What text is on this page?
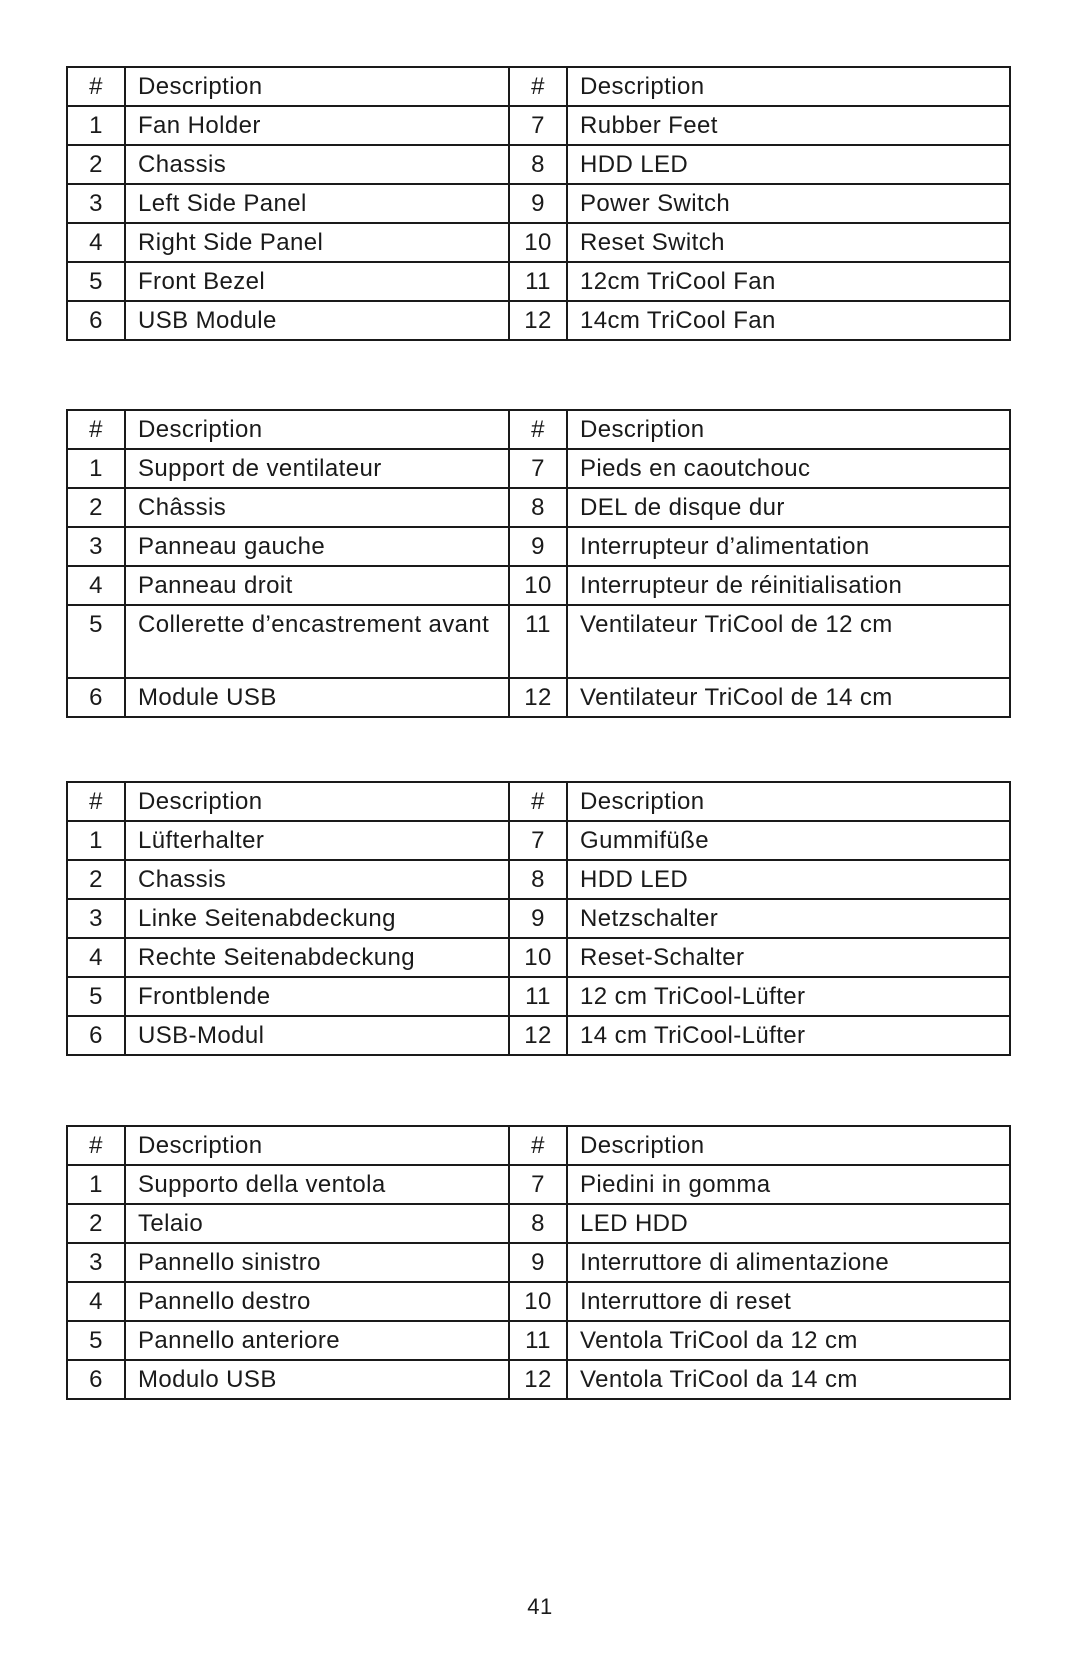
#	Description	#	Description
1	Fan Holder	7	Rubber Feet
2	Chassis	8	HDD LED
3	Left Side Panel	9	Power Switch
4	Right Side Panel	10	Reset Switch
5	Front Bezel	11	12cm TriCool Fan
6	USB Module	12	14cm TriCool Fan
#	Description	#	Description
1	Support de ventilateur	7	Pieds en caoutchouc
2	Châssis	8	DEL de disque dur
3	Panneau gauche	9	Interrupteur d’alimentation
4	Panneau droit	10	Interrupteur de réinitialisation
5	Collerette d’encastrement avant	11	Ventilateur TriCool de 12 cm
6	Module USB	12	Ventilateur TriCool de 14 cm
#	Description	#	Description
1	Lüfterhalter	7	Gummifüße
2	Chassis	8	HDD LED
3	Linke Seitenabdeckung	9	Netzschalter
4	Rechte Seitenabdeckung	10	Reset-Schalter
5	Frontblende	11	12 cm TriCool-Lüfter
6	USB-Modul	12	14 cm TriCool-Lüfter
#	Description	#	Description
1	Supporto della ventola	7	Piedini in gomma
2	Telaio	8	LED HDD
3	Pannello sinistro	9	Interruttore di alimentazione
4	Pannello destro	10	Interruttore di reset
5	Pannello anteriore	11	Ventola TriCool da 12 cm
6	Modulo USB	12	Ventola TriCool da 14 cm
41
